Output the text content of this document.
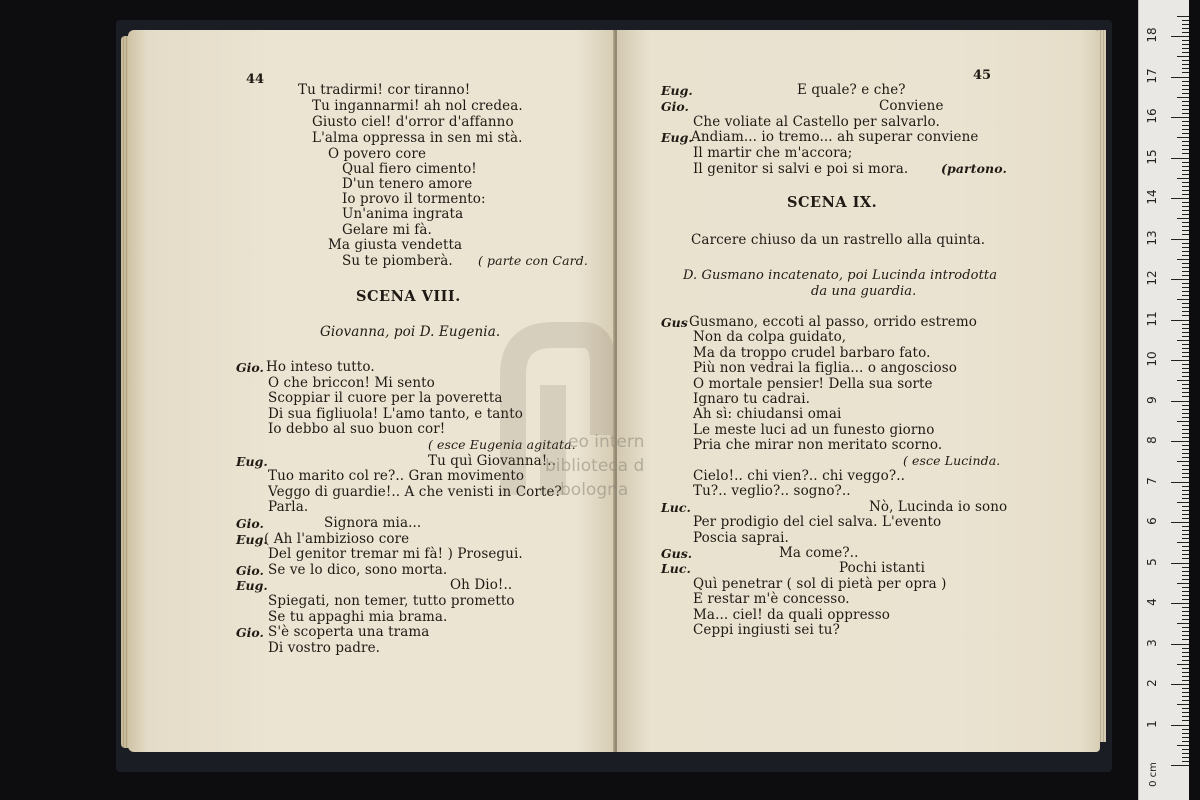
44
Tu tradirmi! cor tiranno!
Tu ingannarmi! ah nol credea.
Giusto ciel! d'orror d'affanno
L'alma oppressa in sen mi stà.
O povero core
Qual fiero cimento!
D'un tenero amore
Io provo il tormento:
Un'anima ingrata
Gelare mi fà.
Ma giusta vendetta
Su te piomberà. ( parte con Card.
SCENA VIII.
Giovanna, poi D. Eugenia.
Gio. Ho inteso tutto.
O che briccon! Mi sento
Scoppiar il cuore per la poveretta
Di sua figliuola! L'amo tanto, e tanto
Io debbo al suo buon cor!
( esce Eugenia agitata.
Eug.	Tu quì Giovanna!..
Tuo marito col re?.. Gran movimento
Veggo di guardie!.. A che venisti in Corte?
Parla.
Gio.	Signora mia...
Eug.
( Ah l'ambizioso core
Del genitor tremar mi fà! ) Prosegui.
Gio. Se ve lo dico, sono morta.
Eug.	Oh Dio!..
Spiegati, non temer, tutto prometto
Se tu appaghi mia brama.
Gio. S'è scoperta una trama
Di vostro padre.
45
Eug.	E quale? e che?
Gio.	Conviene
Che voliate al Castello per salvarlo.
Eug.
Andiam... io tremo... ah superar conviene
Il martir che m'accora;
Il genitor si salvi e poi si mora.	(partono.
SCENA IX.
Carcere chiuso da un rastrello alla quinta.
D. Gusmano incatenato, poi Lucinda introdotta
da una guardia.
Gus Gusmano, eccoti al passo, orrido estremo
Non da colpa guidato,
Ma da troppo crudel barbaro fato.
Più non vedrai la figlia... o angoscioso
O mortale pensier! Della sua sorte
Ignaro tu cadrai.
Ah sì: chiudansi omai
Le meste luci ad un funesto giorno
Pria che mirar non meritato scorno.
( esce Lucinda.
Cielo!.. chi vien?.. chi veggo?..
Tu?.. veglio?.. sogno?..
Luc.	Nò, Lucinda io sono
Per prodigio del ciel salva. L'evento
Poscia saprai.
Gus.	Ma come?..
Luc.	Pochi istanti
Quì penetrar ( sol di pietà per opra )
E restar m'è concesso.
Ma... ciel! da quali oppresso
Ceppi ingiusti sei tu?
eo intern
biblioteca d
bologna
1
2
3
4
5
6
7
8
9
10
11
12
13
14
15
16
17
18
0 cm
